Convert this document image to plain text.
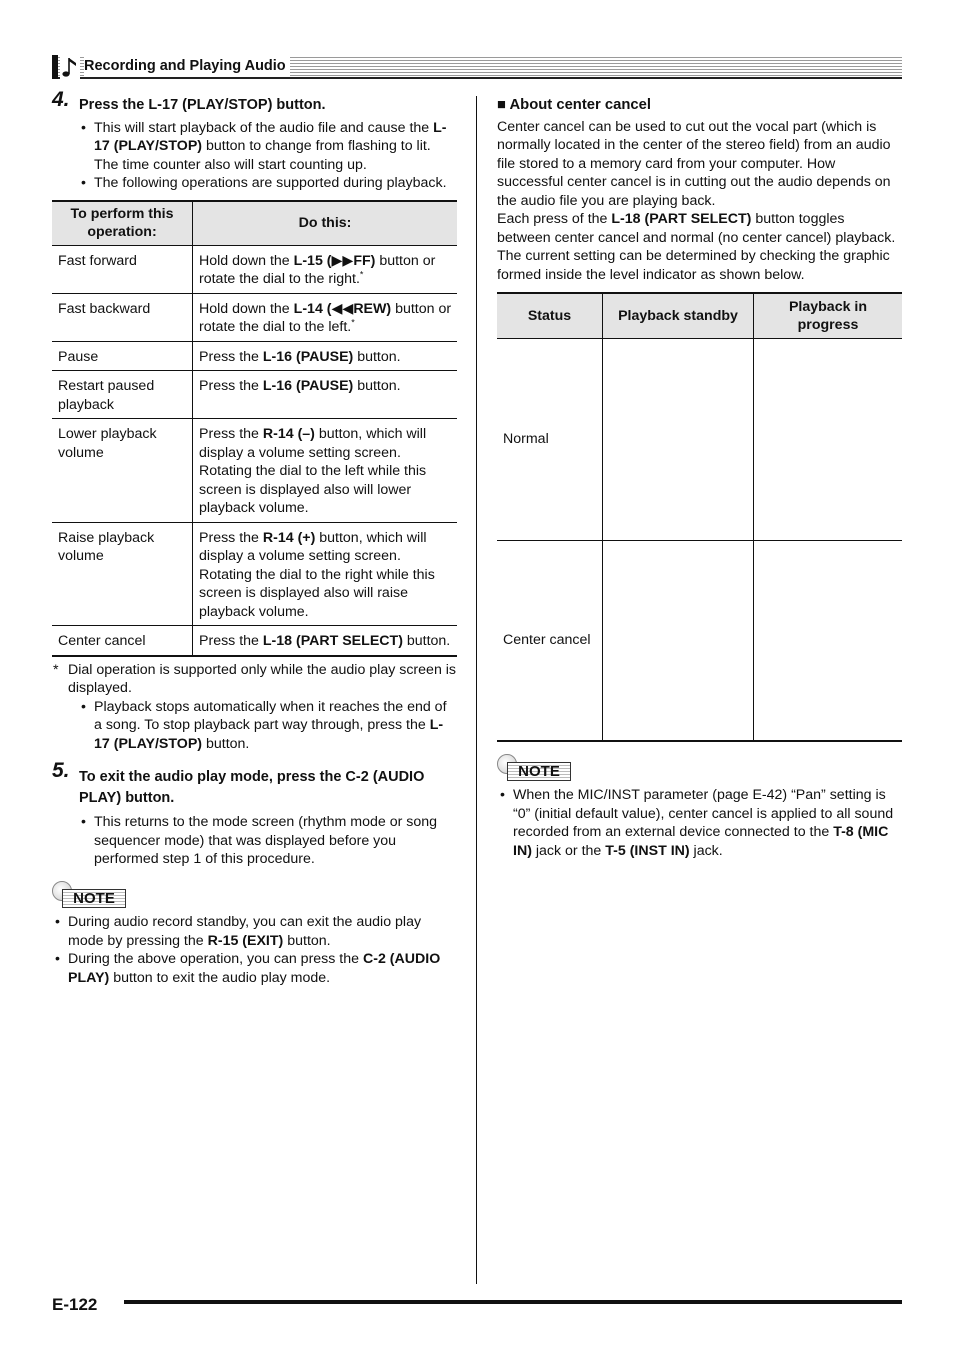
Recording and Playing Audio
4. Press the L-17 (PLAY/STOP) button.
• This will start playback of the audio file and cause the L-17 (PLAY/STOP) button to change from flashing to lit. The time counter also will start counting up.
• The following operations are supported during playback.
To perform this operation:	Do this:
Fast forward	Hold down the L-15 (▶▶FF) button or rotate the dial to the right.*
Fast backward	Hold down the L-14 (◀◀REW) button or rotate the dial to the left.*
Pause	Press the L-16 (PAUSE) button.
Restart paused playback	Press the L-16 (PAUSE) button.
Lower playback volume	Press the R-14 (–) button, which will display a volume setting screen. Rotating the dial to the left while this screen is displayed also will lower playback volume.
Raise playback volume	Press the R-14 (+) button, which will display a volume setting screen. Rotating the dial to the right while this screen is displayed also will raise playback volume.
Center cancel	Press the L-18 (PART SELECT) button.
* Dial operation is supported only while the audio play screen is displayed.
• Playback stops automatically when it reaches the end of a song. To stop playback part way through, press the L-17 (PLAY/STOP) button.
5. To exit the audio play mode, press the C-2 (AUDIO PLAY) button.
• This returns to the mode screen (rhythm mode or song sequencer mode) that was displayed before you performed step 1 of this procedure.
NOTE
• During audio record standby, you can exit the audio play mode by pressing the R-15 (EXIT) button.
• During the above operation, you can press the C-2 (AUDIO PLAY) button to exit the audio play mode.
■ About center cancel
Center cancel can be used to cut out the vocal part (which is normally located in the center of the stereo field) from an audio file stored to a memory card from your computer. How successful center cancel is in cutting out the audio depends on the audio file you are playing back.
Each press of the L-18 (PART SELECT) button toggles between center cancel and normal (no center cancel) playback. The current setting can be determined by checking the graphic formed inside the level indicator as shown below.
Status	Playback standby	Playback in progress
Normal	

Center cancel	

NOTE
• When the MIC/INST parameter (page E-42) “Pan” setting is “0” (initial default value), center cancel is applied to all sound recorded from an external device connected to the T-8 (MIC IN) jack or the T-5 (INST IN) jack.
E-122
